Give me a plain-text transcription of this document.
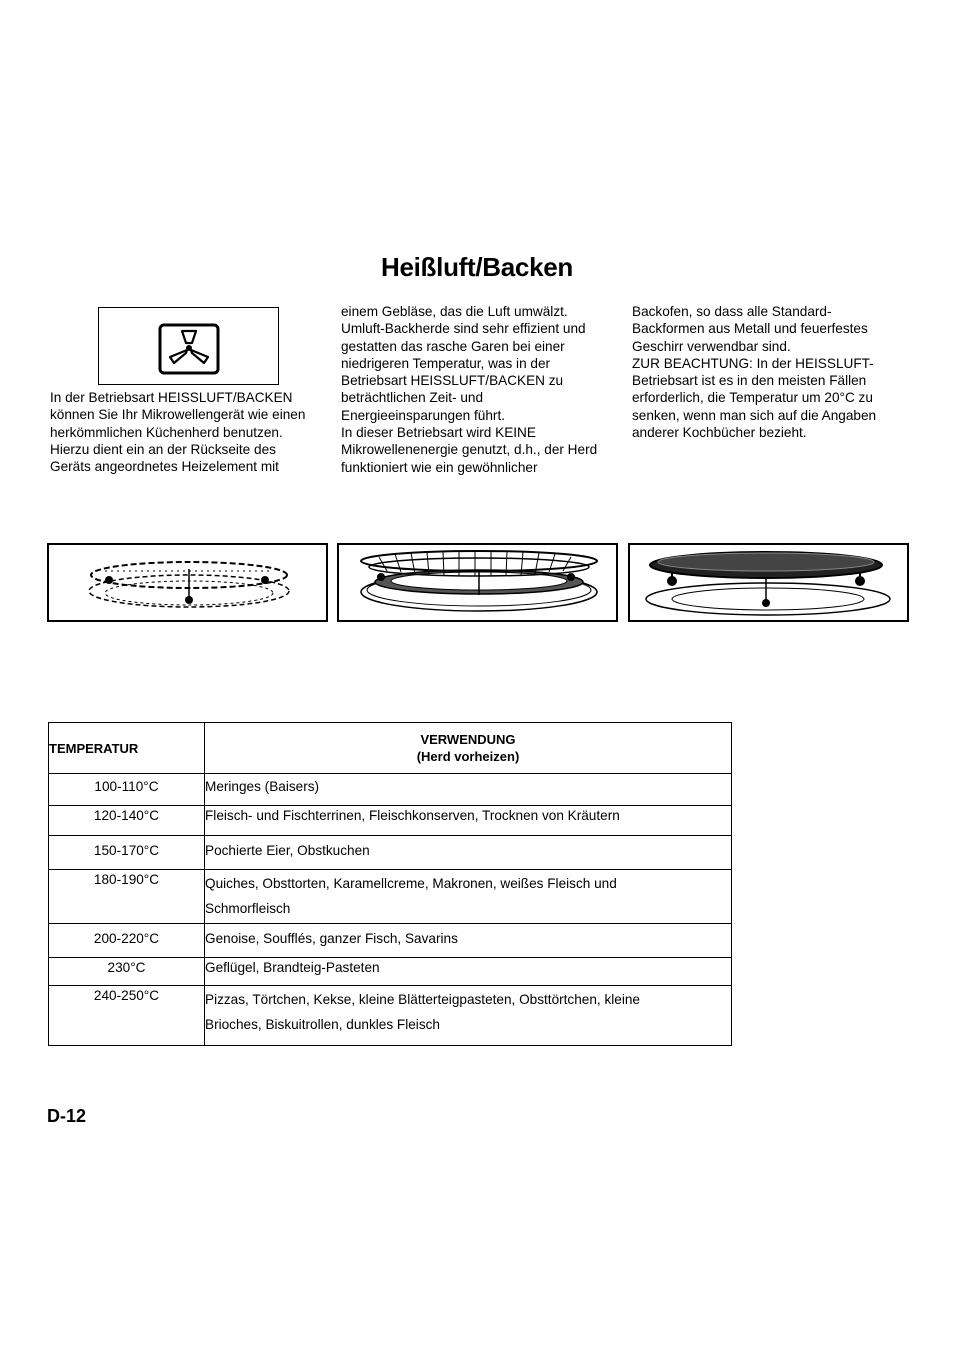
Heißluft/Backen
In der Betriebsart HEISSLUFT/BACKEN
können Sie Ihr Mikrowellengerät wie einen
herkömmlichen Küchenherd benutzen.
Hierzu dient ein an der Rückseite des
Geräts angeordnetes Heizelement mit
einem Gebläse, das die Luft umwälzt.
Umluft-Backherde sind sehr effizient und
gestatten das rasche Garen bei einer
niedrigeren Temperatur, was in der
Betriebsart HEISSLUFT/BACKEN zu
beträchtlichen Zeit- und
Energieeinsparungen führt.
In dieser Betriebsart wird KEINE
Mikrowellenenergie genutzt, d.h., der Herd
funktioniert wie ein gewöhnlicher
Backofen, so dass alle Standard-
Backformen aus Metall und feuerfestes
Geschirr verwendbar sind.
ZUR BEACHTUNG: In der HEISSLUFT-
Betriebsart ist es in den meisten Fällen
erforderlich, die Temperatur um 20°C zu
senken, wenn man sich auf die Angaben
anderer Kochbücher bezieht.
TEMPERATUR	VERWENDUNG
(Herd vorheizen)

100-110°C	Meringes (Baisers)
120-140°C	Fleisch- und Fischterrinen, Fleischkonserven, Trocknen von Kräutern
150-170°C	Pochierte Eier, Obstkuchen
180-190°C	Quiches, Obsttorten, Karamellcreme, Makronen, weißes Fleisch und
Schmorfleisch
200-220°C	Genoise, Soufflés, ganzer Fisch, Savarins
230°C	Geflügel, Brandteig-Pasteten
240-250°C	Pizzas, Törtchen, Kekse, kleine Blätterteigpasteten, Obsttörtchen, kleine
Brioches, Biskuitrollen, dunkles Fleisch
D-12
